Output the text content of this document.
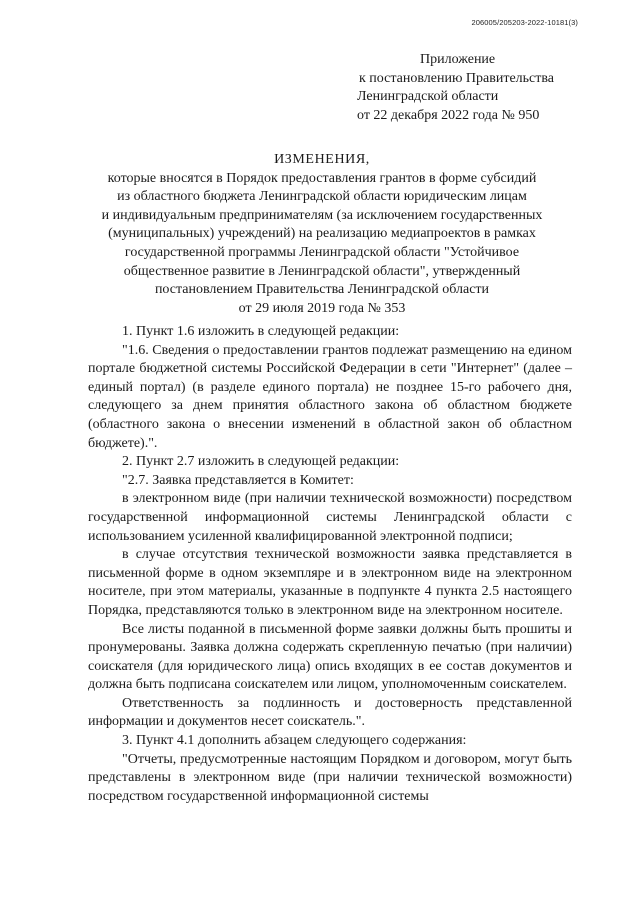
206005/205203-2022-10181(3)
Приложение
к постановлению Правительства
Ленинградской области
от 22 декабря 2022 года № 950
ИЗМЕНЕНИЯ,
которые вносятся в Порядок предоставления грантов в форме субсидий
из областного бюджета Ленинградской области юридическим лицам
и индивидуальным предпринимателям (за исключением государственных
(муниципальных) учреждений) на реализацию медиапроектов в рамках
государственной программы Ленинградской области "Устойчивое
общественное развитие в Ленинградской области", утвержденный
постановлением Правительства Ленинградской области
от 29 июля 2019 года № 353

1. Пункт 1.6 изложить в следующей редакции:

"1.6. Сведения о предоставлении грантов подлежат размещению на едином портале бюджетной системы Российской Федерации в сети "Интернет" (далее – единый портал) (в разделе единого портала) не позднее 15-го рабочего дня, следующего за днем принятия областного закона об областном бюджете (областного закона о внесении изменений в областной закон об областном бюджете).".

2. Пункт 2.7 изложить в следующей редакции:

"2.7. Заявка представляется в Комитет:

в электронном виде (при наличии технической возможности) посредством государственной информационной системы Ленинградской области с использованием усиленной квалифицированной электронной подписи;

в случае отсутствия технической возможности заявка представляется в письменной форме в одном экземпляре и в электронном виде на электронном носителе, при этом материалы, указанные в подпункте 4 пункта 2.5 настоящего Порядка, представляются только в электронном виде на электронном носителе.

Все листы поданной в письменной форме заявки должны быть прошиты и пронумерованы. Заявка должна содержать скрепленную печатью (при наличии) соискателя (для юридического лица) опись входящих в ее состав документов и должна быть подписана соискателем или лицом, уполномоченным соискателем.

Ответственность за подлинность и достоверность представленной информации и документов несет соискатель.".

3. Пункт 4.1 дополнить абзацем следующего содержания:

"Отчеты, предусмотренные настоящим Порядком и договором, могут быть представлены в электронном виде (при наличии технической возможности) посредством государственной информационной системы
